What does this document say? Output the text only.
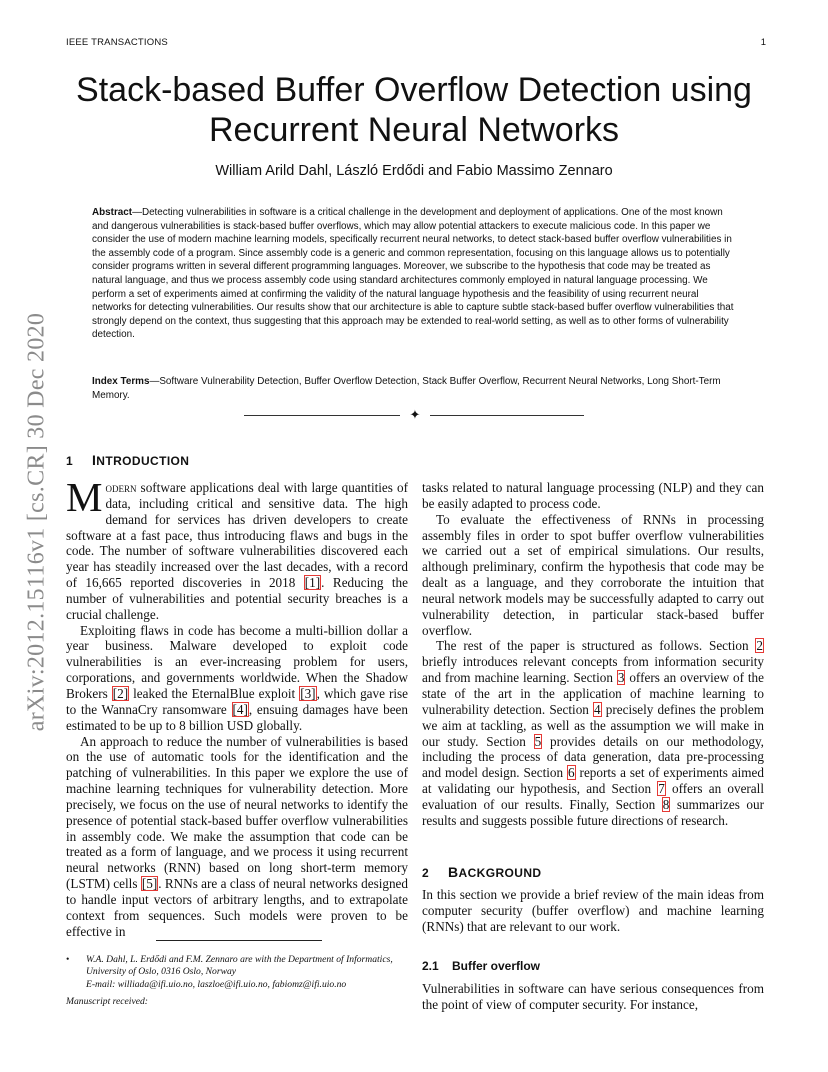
IEEE TRANSACTIONS	1
arXiv:2012.15116v1 [cs.CR] 30 Dec 2020
Stack-based Buffer Overflow Detection using
Recurrent Neural Networks
William Arild Dahl, László Erdődi and Fabio Massimo Zennaro

Abstract—Detecting vulnerabilities in software is a critical challenge in the development and deployment of applications. One of the most known and dangerous vulnerabilities is stack-based buffer overflows, which may allow potential attackers to execute malicious code. In this paper we consider the use of modern machine learning models, specifically recurrent neural networks, to detect stack-based buffer overflow vulnerabilities in the assembly code of a program. Since assembly code is a generic and common representation, focusing on this language allows us to potentially consider programs written in several different programming languages. Moreover, we subscribe to the hypothesis that code may be treated as natural language, and thus we process assembly code using standard architectures commonly employed in natural language processing. We perform a set of experiments aimed at confirming the validity of the natural language hypothesis and the feasibility of using recurrent neural networks for detecting vulnerabilities. Our results show that our architecture is able to capture subtle stack-based buffer overflow vulnerabilities that strongly depend on the context, thus suggesting that this approach may be extended to real-world setting, as well as to other forms of vulnerability detection.

Index Terms—Software Vulnerability Detection, Buffer Overflow Detection, Stack Buffer Overflow, Recurrent Neural Networks, Long Short-Term Memory.

✦
1 INTRODUCTION

Modern software applications deal with large quantities of data, including critical and sensitive data. The high demand for services has driven developers to create software at a fast pace, thus introducing flaws and bugs in the code. The number of software vulnerabilities discovered each year has steadily increased over the last decades, with a record of 16,665 reported discoveries in 2018 [1]. Reducing the number of vulnerabilities and potential security breaches is a crucial challenge.

Exploiting flaws in code has become a multi-billion dollar a year business. Malware developed to exploit code vulnerabilities is an ever-increasing problem for users, corporations, and governments worldwide. When the Shadow Brokers [2] leaked the EternalBlue exploit [3], which gave rise to the WannaCry ransomware [4], ensuing damages have been estimated to be up to 8 billion USD globally.

An approach to reduce the number of vulnerabilities is based on the use of automatic tools for the identification and the patching of vulnerabilities. In this paper we explore the use of machine learning techniques for vulnerability detection. More precisely, we focus on the use of neural networks to identify the presence of potential stack-based buffer overflow vulnerabilities in assembly code. We make the assumption that code can be treated as a form of language, and we process it using recurrent neural networks (RNN) based on long short-term memory (LSTM) cells [5]. RNNs are a class of neural networks designed to handle input vectors of arbitrary lengths, and to extrapolate context from sequences. Such models were proven to be effective in

• W.A. Dahl, L. Erdődi and F.M. Zennaro are with the Department of Informatics, University of Oslo, 0316 Oslo, Norway
E-mail: williada@ifi.uio.no, laszloe@ifi.uio.no, fabiomz@ifi.uio.no
Manuscript received:

tasks related to natural language processing (NLP) and they can be easily adapted to process code.

To evaluate the effectiveness of RNNs in processing assembly files in order to spot buffer overflow vulnerabilities we carried out a set of empirical simulations. Our results, although preliminary, confirm the hypothesis that code may be dealt as a language, and they corroborate the intuition that neural network models may be successfully adapted to carry out vulnerability detection, in particular stack-based buffer overflow.

The rest of the paper is structured as follows. Section 2 briefly introduces relevant concepts from information security and from machine learning. Section 3 offers an overview of the state of the art in the application of machine learning to vulnerability detection. Section 4 precisely defines the problem we aim at tackling, as well as the assumption we will make in our study. Section 5 provides details on our methodology, including the process of data generation, data pre-processing and model design. Section 6 reports a set of experiments aimed at validating our hypothesis, and Section 7 offers an overall evaluation of our results. Finally, Section 8 summarizes our results and suggests possible future directions of research.

2 BACKGROUND

In this section we provide a brief review of the main ideas from computer security (buffer overflow) and machine learning (RNNs) that are relevant to our work.

2.1 Buffer overflow

Vulnerabilities in software can have serious consequences from the point of view of computer security. For instance,
